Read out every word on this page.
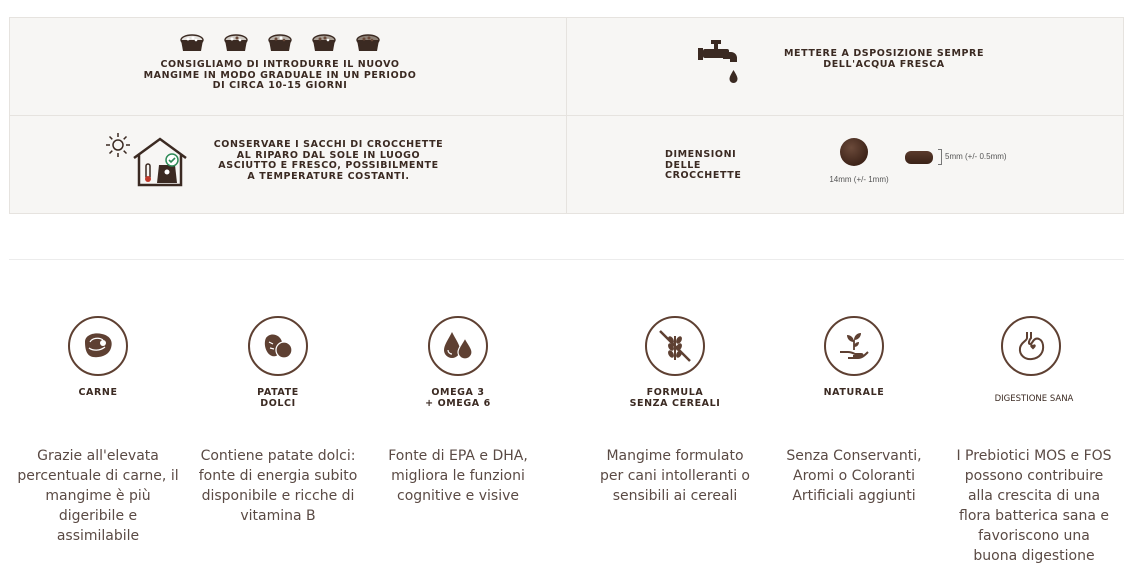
CONSIGLIAMO DI INTRODURRE IL NUOVO
MANGIME IN MODO GRADUALE IN UN PERIODO
DI CIRCA 10-15 GIORNI
METTERE A DSPOSIZIONE SEMPRE
DELL'ACQUA FRESCA
CONSERVARE I SACCHI DI CROCCHETTE
AL RIPARO DAL SOLE IN LUOGO
ASCIUTTO E FRESCO, POSSIBILMENTE
A TEMPERATURE COSTANTI.
DIMENSIONI
DELLE CROCCHETTE	14mm (+/- 1mm)
5mm (+/- 0.5mm)
CARNE
Grazie all'elevata
percentuale di carne, il
mangime è più
digeribile e
assimilabile
PATATE
DOLCI
Contiene patate dolci:
fonte di energia subito
disponibile e ricche di
vitamina B
OMEGA 3
+ OMEGA 6
Fonte di EPA e DHA,
migliora le funzioni
cognitive e visive
FORMULA
SENZA CEREALI
Mangime formulato
per cani intolleranti o
sensibili ai cereali
NATURALE
Senza Conservanti,
Aromi o Coloranti
Artificiali aggiunti
DIGESTIONE SANA
I Prebiotici MOS e FOS
possono contribuire
alla crescita di una
flora batterica sana e
favoriscono una
buona digestione
